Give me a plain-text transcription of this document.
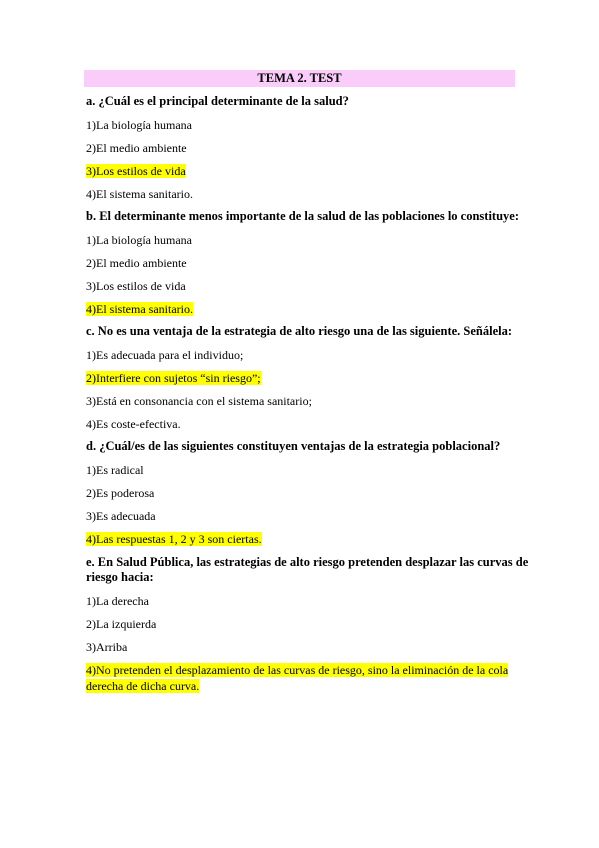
TEMA 2. TEST

a. ¿Cuál es el principal determinante de la salud?

1)La biología humana

2)El medio ambiente

3)Los estilos de vida

4)El sistema sanitario.

b. El determinante menos importante de la salud de las poblaciones lo constituye:

1)La biología humana

2)El medio ambiente

3)Los estilos de vida

4)El sistema sanitario.

c. No es una ventaja de la estrategia de alto riesgo una de las siguiente. Señálela:

1)Es adecuada para el individuo;

2)Interfiere con sujetos “sin riesgo”;

3)Está en consonancia con el sistema sanitario;

4)Es coste-efectiva.

d. ¿Cuál/es de las siguientes constituyen ventajas de la estrategia poblacional?

1)Es radical

2)Es poderosa

3)Es adecuada

4)Las respuestas 1, 2 y 3 son ciertas.

e. En Salud Pública, las estrategias de alto riesgo pretenden desplazar las curvas de

riesgo hacia:

1)La derecha

2)La izquierda

3)Arriba

4)No pretenden el desplazamiento de las curvas de riesgo, sino la eliminación de la cola

derecha de dicha curva.
